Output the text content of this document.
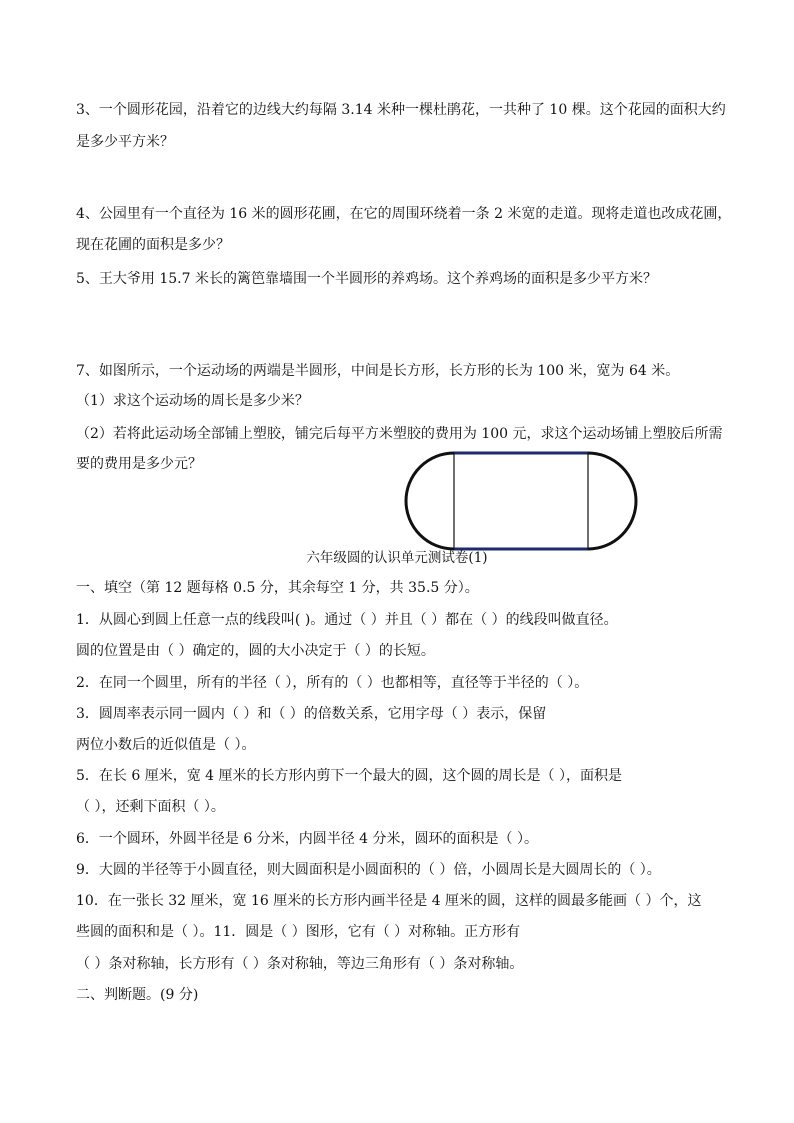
3、一个圆形花园，沿着它的边线大约每隔 3.14 米种一棵杜鹃花，一共种了 10 棵。这个花园的面积大约
是多少平方米？
4、公园里有一个直径为 16 米的圆形花圃，在它的周围环绕着一条 2 米宽的走道。现将走道也改成花圃，
现在花圃的面积是多少？
5、王大爷用 15.7 米长的篱笆靠墙围一个半圆形的养鸡场。这个养鸡场的面积是多少平方米？
7、如图所示，一个运动场的两端是半圆形，中间是长方形，长方形的长为 100 米，宽为 64 米。
（1）求这个运动场的周长是多少米？
（2）若将此运动场全部铺上塑胶，铺完后每平方米塑胶的费用为 100 元，求这个运动场铺上塑胶后所需
要的费用是多少元？
六年级圆的认识单元测试卷(1)
一、填空（第 12 题每格 0.5 分，其余每空 1 分，共 35.5 分）。
1．从圆心到圆上任意一点的线段叫( )。通过（ ）并且（ ）都在（ ）的线段叫做直径。
圆的位置是由（ ）确定的，圆的大小决定于（ ）的长短。
2．在同一个圆里，所有的半径（ ），所有的（ ）也都相等，直径等于半径的（ ）。
3．圆周率表示同一圆内（ ）和（ ）的倍数关系，它用字母（ ）表示，保留
两位小数后的近似值是（ ）。
5．在长 6 厘米，宽 4 厘米的长方形内剪下一个最大的圆，这个圆的周长是（ ），面积是
（ ），还剩下面积（ ）。
6．一个圆环，外圆半径是 6 分米，内圆半径 4 分米，圆环的面积是（ ）。
9．大圆的半径等于小圆直径，则大圆面积是小圆面积的（ ）倍，小圆周长是大圆周长的（ ）。
10．在一张长 32 厘米，宽 16 厘米的长方形内画半径是 4 厘米的圆，这样的圆最多能画（ ）个，这
些圆的面积和是（ ）。11．圆是（ ）图形，它有（ ）对称轴。正方形有
（ ）条对称轴，长方形有（ ）条对称轴，等边三角形有（ ）条对称轴。
二、判断题。(9 分)
